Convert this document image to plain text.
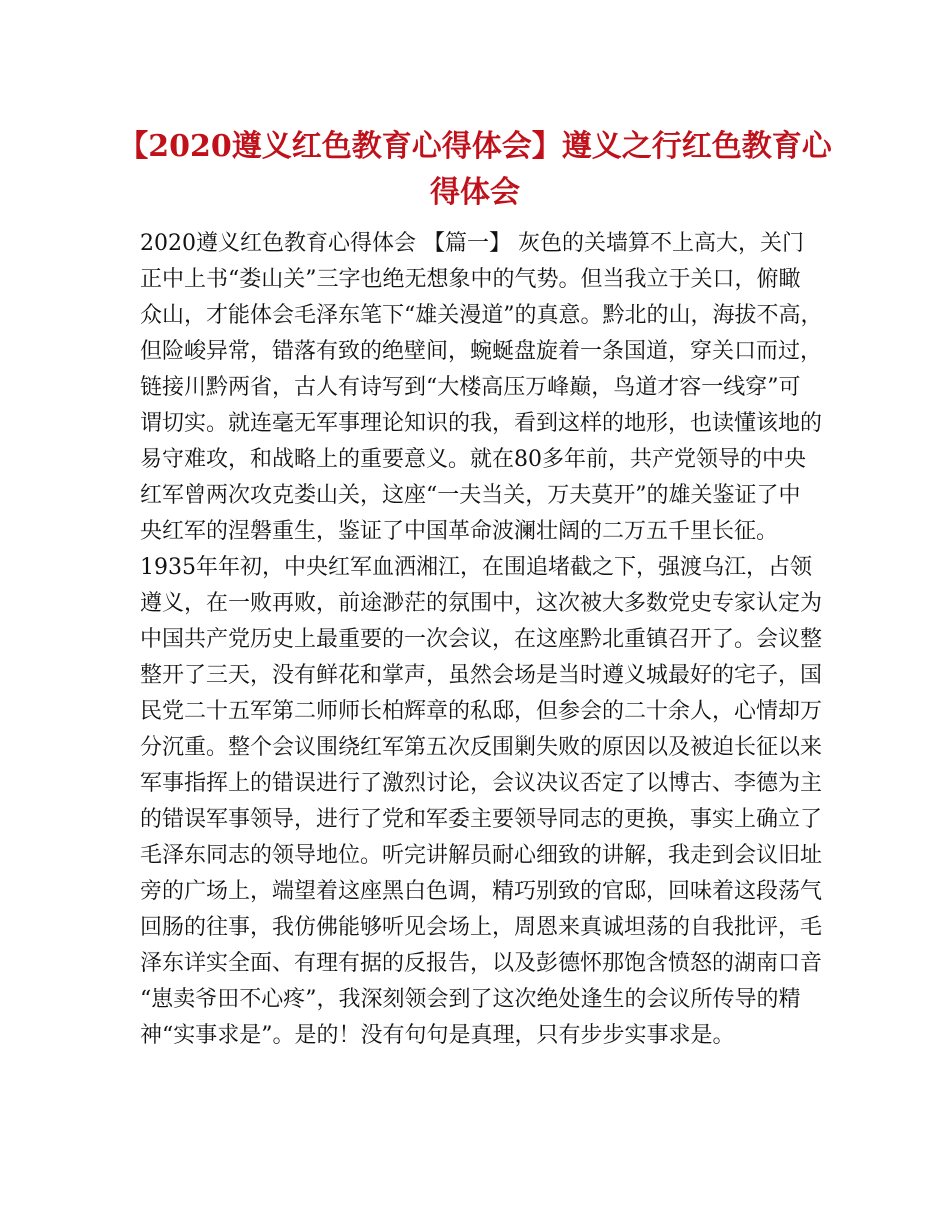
【2020遵义红色教育心得体会】遵义之行红色教育心
得体会

2020遵义红色教育心得体会 【篇一】 灰色的关墙算不上高大，关门

正中上书“娄山关”三字也绝无想象中的气势。但当我立于关口，俯瞰

众山，才能体会毛泽东笔下“雄关漫道”的真意。黔北的山，海拔不高，

但险峻异常，错落有致的绝壁间，蜿蜒盘旋着一条国道，穿关口而过，

链接川黔两省，古人有诗写到“大楼高压万峰巅，鸟道才容一线穿”可

谓切实。就连毫无军事理论知识的我，看到这样的地形，也读懂该地的

易守难攻，和战略上的重要意义。就在80多年前，共产党领导的中央

红军曾两次攻克娄山关，这座“一夫当关，万夫莫开”的雄关鉴证了中

央红军的涅磐重生，鉴证了中国革命波澜壮阔的二万五千里长征。

1935年年初，中央红军血洒湘江，在围追堵截之下，强渡乌江，占领

遵义，在一败再败，前途渺茫的氛围中，这次被大多数党史专家认定为

中国共产党历史上最重要的一次会议，在这座黔北重镇召开了。会议整

整开了三天，没有鲜花和掌声，虽然会场是当时遵义城最好的宅子，国

民党二十五军第二师师长柏辉章的私邸，但参会的二十余人，心情却万

分沉重。整个会议围绕红军第五次反围剿失败的原因以及被迫长征以来

军事指挥上的错误进行了激烈讨论，会议决议否定了以博古、李德为主

的错误军事领导，进行了党和军委主要领导同志的更换，事实上确立了

毛泽东同志的领导地位。听完讲解员耐心细致的讲解，我走到会议旧址

旁的广场上，端望着这座黑白色调，精巧别致的官邸，回味着这段荡气

回肠的往事，我仿佛能够听见会场上，周恩来真诚坦荡的自我批评，毛

泽东详实全面、有理有据的反报告，以及彭德怀那饱含愤怒的湖南口音

“崽卖爷田不心疼”，我深刻领会到了这次绝处逢生的会议所传导的精

神“实事求是”。是的！没有句句是真理，只有步步实事求是。
